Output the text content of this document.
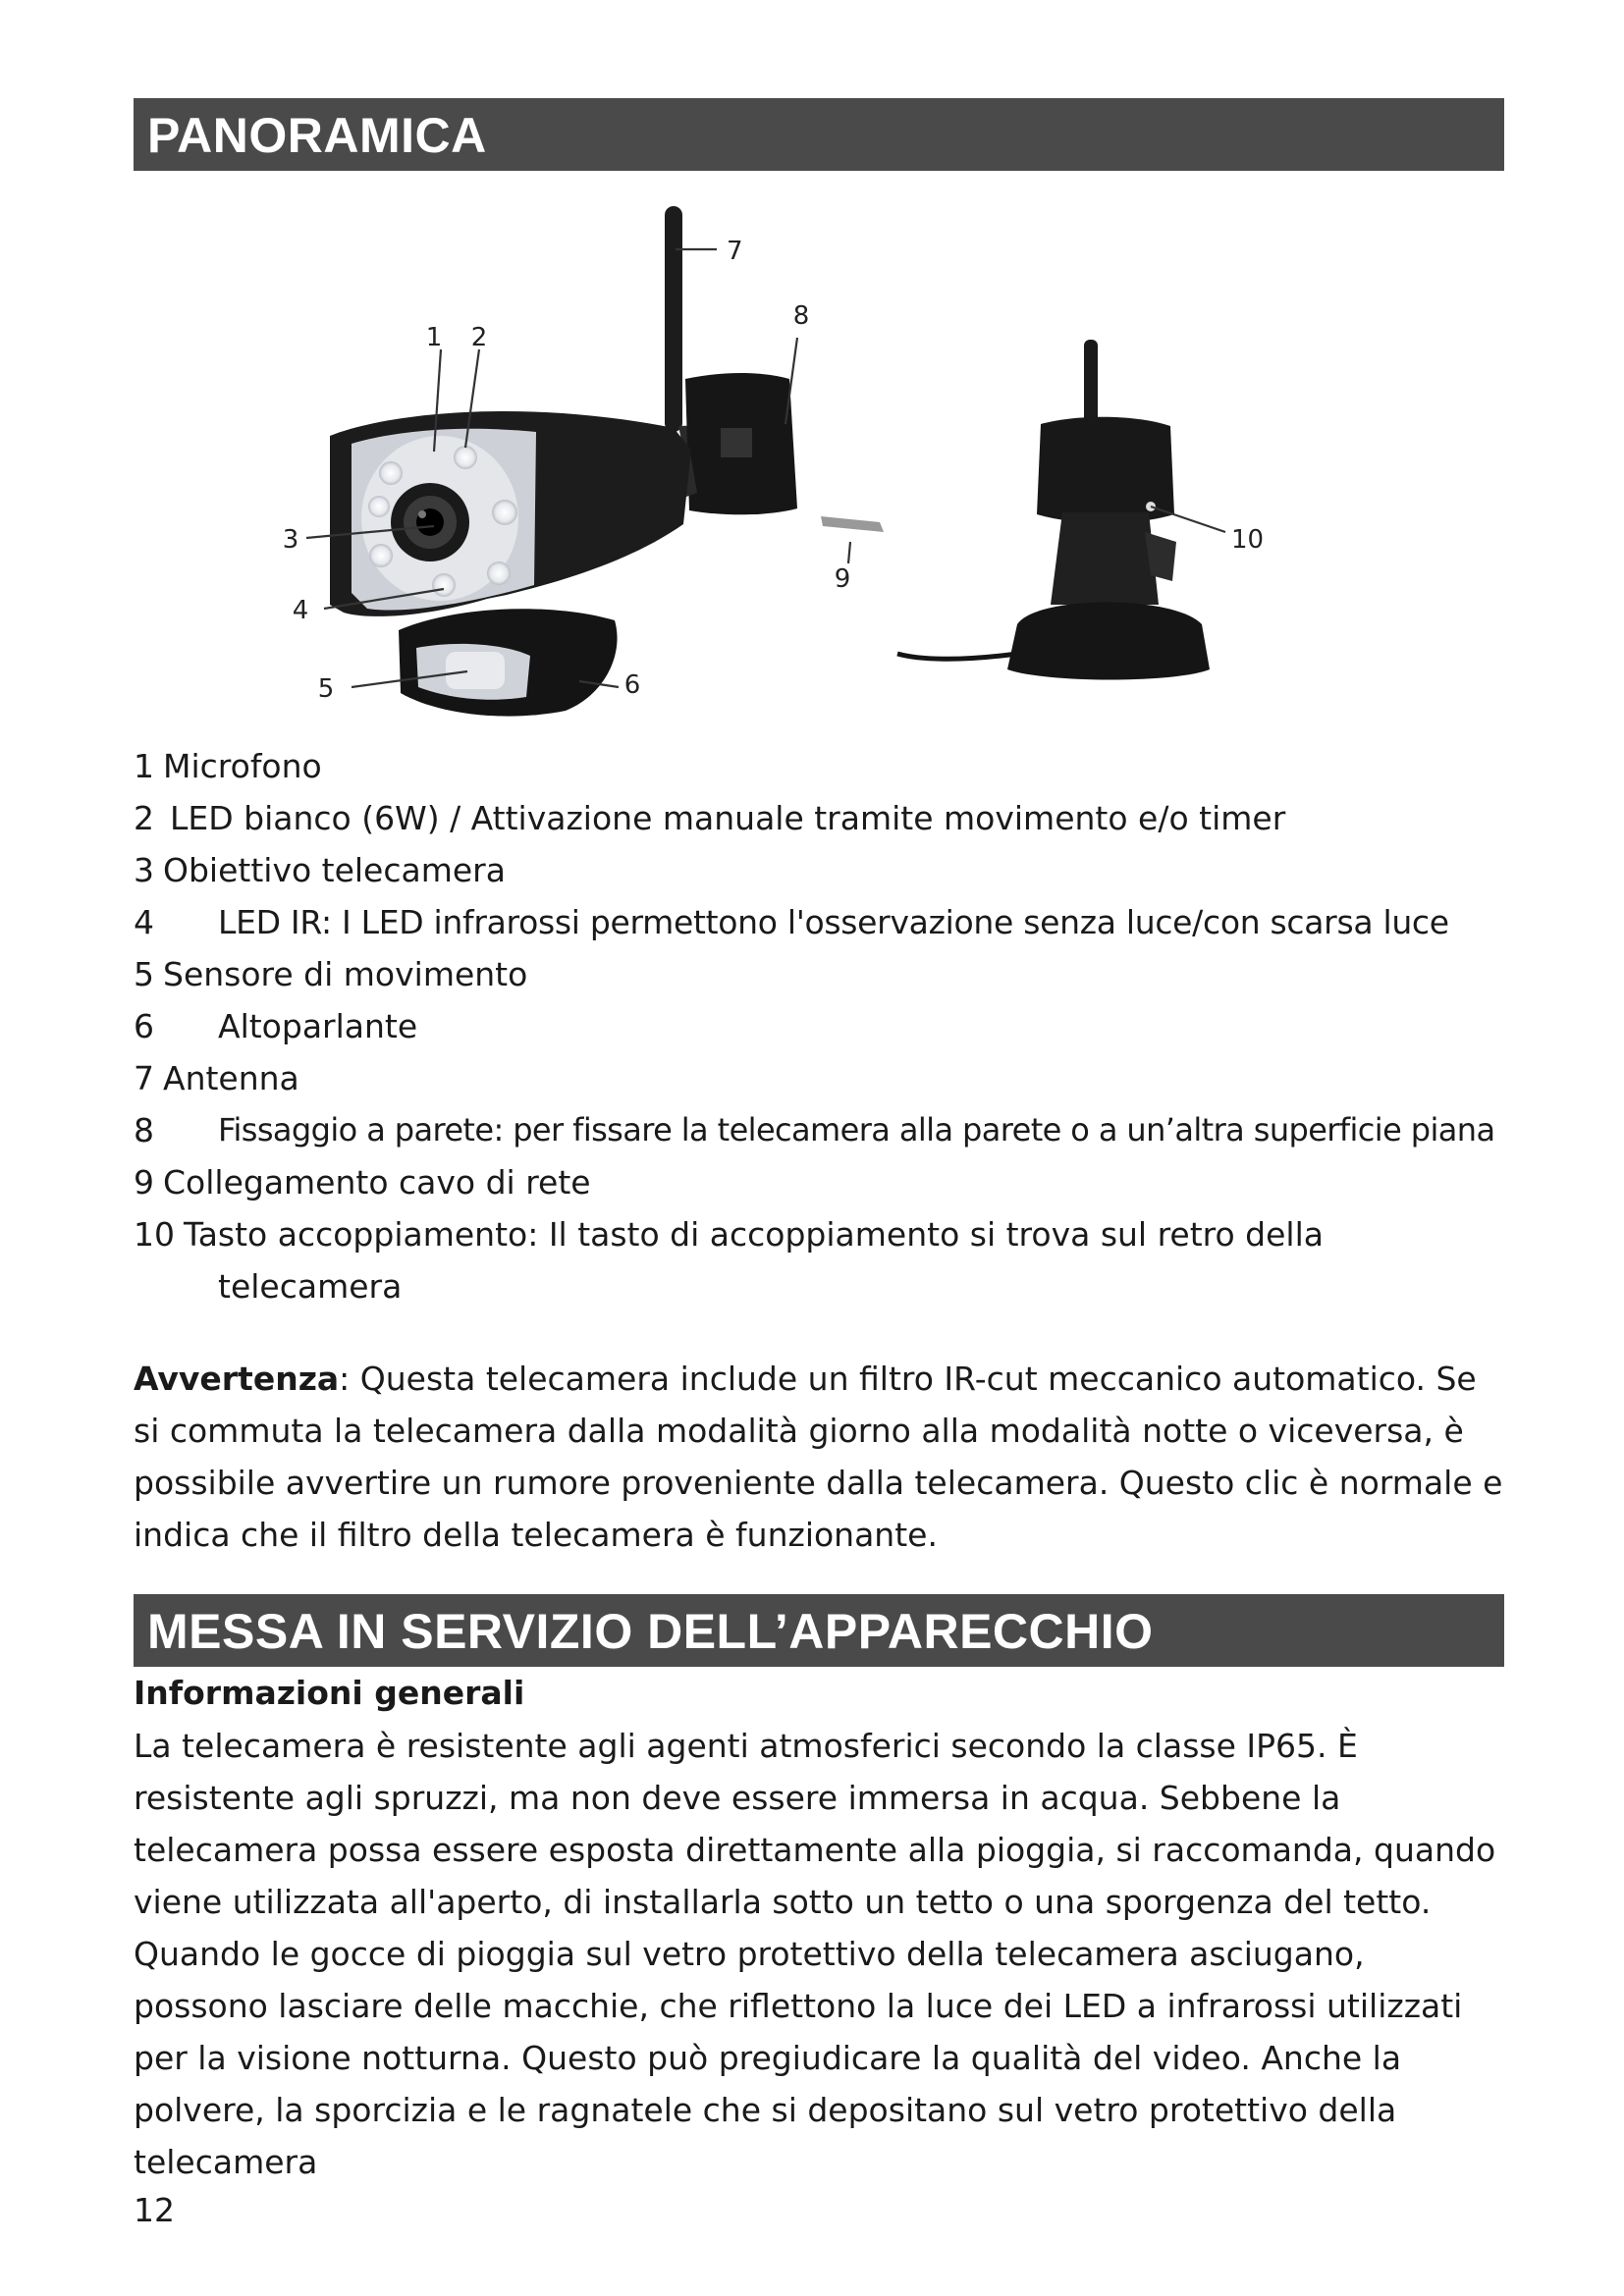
PANORAMICA
1 2
3
4
5	6
7
8
9
10
1 Microfono
2 LED bianco (6W) / Attivazione manuale tramite movimento e/o timer
3 Obiettivo telecamera
4	LED IR: I LED infrarossi permettono l'osservazione senza luce/con scarsa luce
5 Sensore di movimento
6	Altoparlante
7 Antenna
8	Fissaggio a parete: per fissare la telecamera alla parete o a un’altra superficie piana
9 Collegamento cavo di rete
10 Tasto accoppiamento: Il tasto di accoppiamento si trova sul retro della
telecamera
Avvertenza: Questa telecamera include un filtro IR-cut meccanico automatico. Se si commuta la telecamera dalla modalità giorno alla modalità notte o viceversa, è possibile avvertire un rumore proveniente dalla telecamera. Questo clic è normale e indica che il filtro della telecamera è funzionante.
MESSA IN SERVIZIO DELL’APPARECCHIO
Informazioni generali
La telecamera è resistente agli agenti atmosferici secondo la classe IP65. È resistente agli spruzzi, ma non deve essere immersa in acqua. Sebbene la telecamera possa essere esposta direttamente alla pioggia, si raccomanda, quando viene utilizzata all'aperto, di installarla sotto un tetto o una sporgenza del tetto. Quando le gocce di pioggia sul vetro protettivo della telecamera asciugano, possono lasciare delle macchie, che riflettono la luce dei LED a infrarossi utilizzati per la visione notturna. Questo può pregiudicare la qualità del video. Anche la polvere, la sporcizia e le ragnatele che si depositano sul vetro protettivo della telecamera
12
